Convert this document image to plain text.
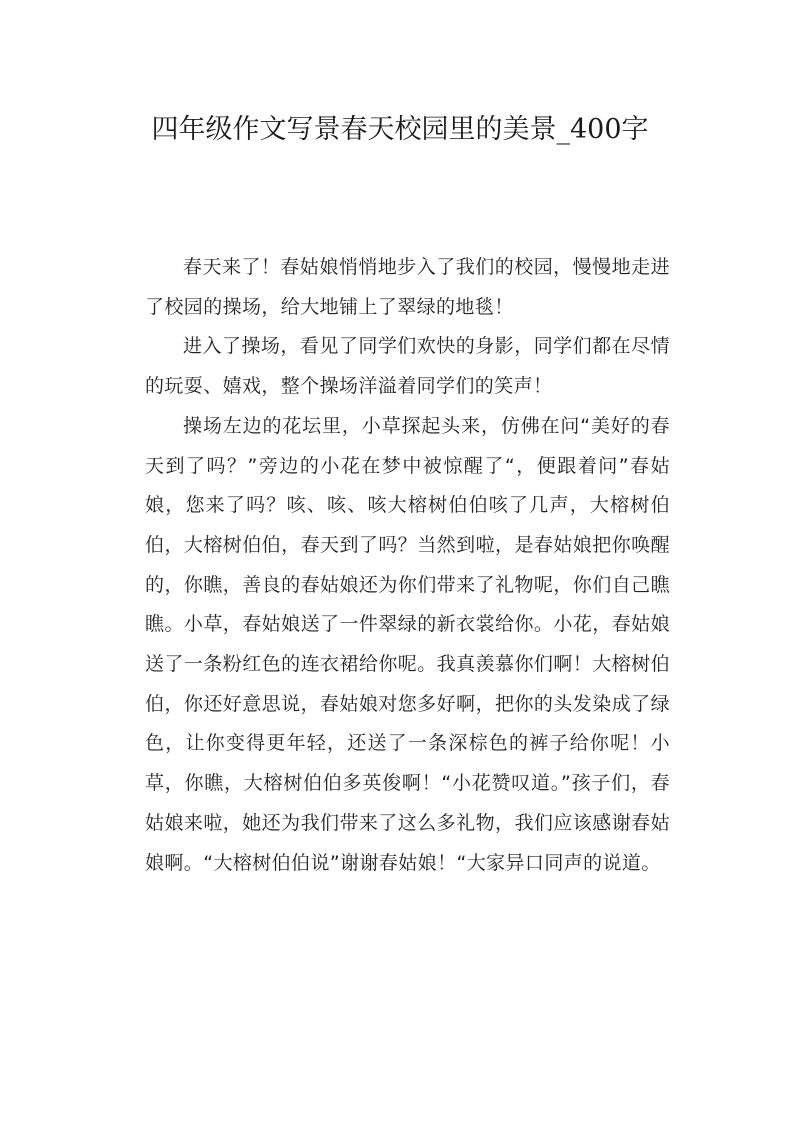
四年级作文写景春天校园里的美景_400字

春天来了！春姑娘悄悄地步入了我们的校园，慢慢地走进了校园的操场，给大地铺上了翠绿的地毯！

进入了操场，看见了同学们欢快的身影，同学们都在尽情的玩耍、嬉戏，整个操场洋溢着同学们的笑声！

操场左边的花坛里，小草探起头来，仿佛在问“美好的春天到了吗？”旁边的小花在梦中被惊醒了“，便跟着问”春姑娘，您来了吗？咳、咳、咳大榕树伯伯咳了几声，大榕树伯伯，大榕树伯伯，春天到了吗？当然到啦，是春姑娘把你唤醒的，你瞧，善良的春姑娘还为你们带来了礼物呢，你们自己瞧瞧。小草，春姑娘送了一件翠绿的新衣裳给你。小花，春姑娘送了一条粉红色的连衣裙给你呢。我真羡慕你们啊！大榕树伯伯，你还好意思说，春姑娘对您多好啊，把你的头发染成了绿色，让你变得更年轻，还送了一条深棕色的裤子给你呢！小草，你瞧，大榕树伯伯多英俊啊！“小花赞叹道。”孩子们，春姑娘来啦，她还为我们带来了这么多礼物，我们应该感谢春姑娘啊。“大榕树伯伯说”谢谢春姑娘！“大家异口同声的说道。
